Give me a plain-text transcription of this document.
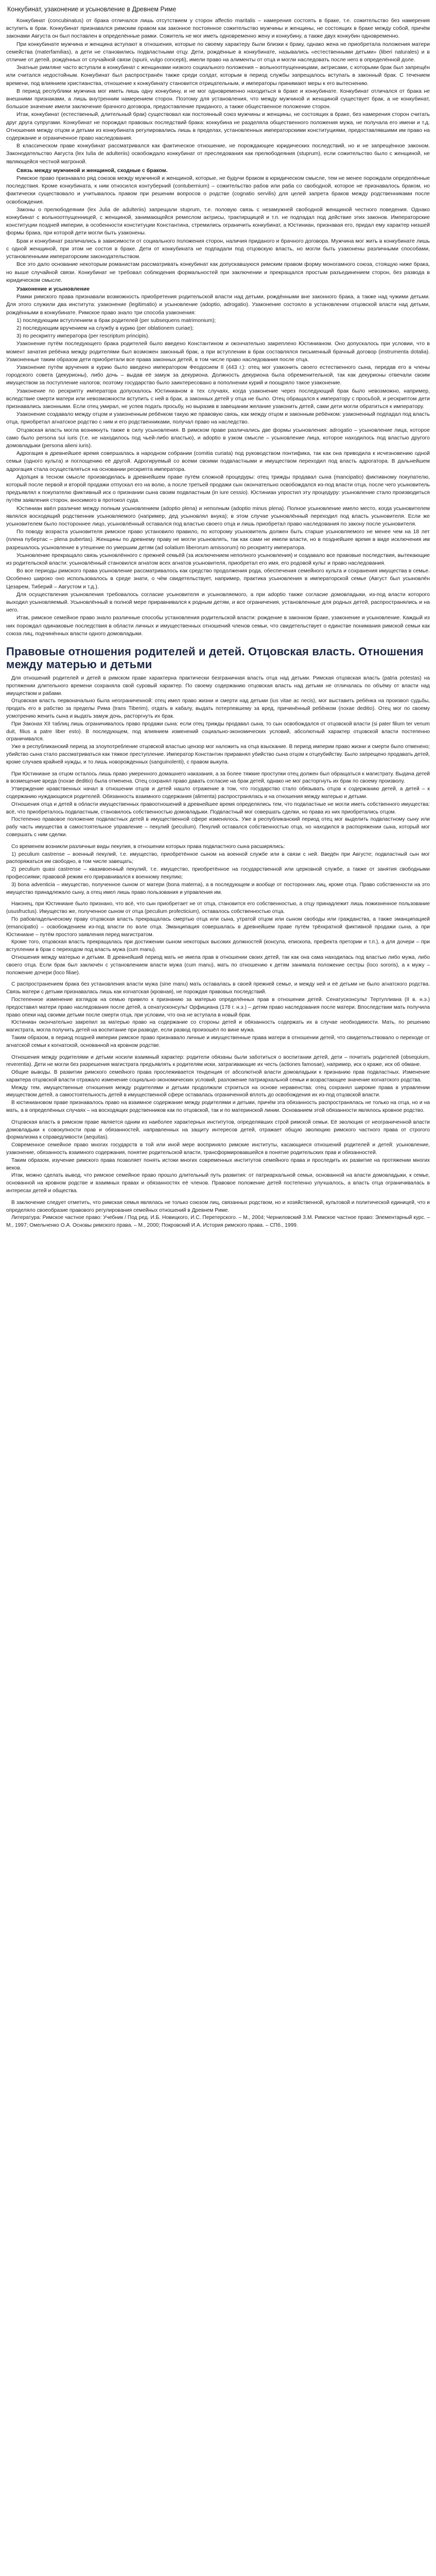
Конкубинат, узаконение и усыновление в Древнем Риме

Конкубинат (concubinatus) от брака отличался лишь отсутствием у сторон affectio maritalis – намерения состоять в браке, т.е. сожительство без намерения вступить в брак. Конкубинат признавался римским правом как законное постоянное сожительство мужчины и женщины, не состоящих в браке между собой, причём законами Августа он был поставлен в определённые рамки. Сожитель не мог иметь одновременно жену и конкубину, а также двух конкубин одновременно.

При конкубинате мужчина и женщина вступают в отношения, которые по своему характеру были близки к браку, однако жена не приобретала положения матери семейства (materfamilias), а дети не становились подвластными отцу. Дети, рождённые в конкубинате, назывались «естественными детьми» (liberi naturales) и в отличие от детей, рождённых от случайной связи (spurii, vulgo concepti), имели право на алименты от отца и могли наследовать после него в определённой доле.

Знатные римляне часто вступали в конкубинат с женщинами низкого социального положения – вольноотпущенницами, актрисами, с которыми брак был запрещён или считался недостойным. Конкубинат был распространён также среди солдат, которым в период службы запрещалось вступать в законный брак. С течением времени, под влиянием христианства, отношение к конкубинату становится отрицательным, и императоры принимают меры к его вытеснению.

В период республики мужчина мог иметь лишь одну конкубину, и не мог одновременно находиться в браке и конкубинате. Конкубинат отличался от брака не внешними признаками, а лишь внутренним намерением сторон. Поэтому для установления, что между мужчиной и женщиной существует брак, а не конкубинат, большое значение имели заключение брачного договора, предоставление приданого, а также общественное положение сторон.

Итак, конкубинат (естественный, длительный брак) существовал как постоянный союз мужчины и женщины, не состоящих в браке, без намерения сторон считать друг друга супругами. Конкубинат не порождал правовых последствий брака: конкубина не разделяла общественного положения мужа, не получала его имени и т.д. Отношения между отцом и детьми из конкубината регулировались лишь в пределах, установленных императорскими конституциями, предоставлявшими им право на содержание и ограниченное право наследования.

В классическом праве конкубинат рассматривался как фактическое отношение, не порождающее юридических последствий, но и не запрещённое законом. Законодательство Августа (lex Iulia de adulteriis) освобождало конкубинат от преследования как прелюбодеяния (stuprum), если сожительство было с женщиной, не являющейся честной матроной.

Связь между мужчиной и женщиной, сходные с браком.

Римское право признавало ряд союзов между мужчиной и женщиной, которые, не будучи браком в юридическом смысле, тем не менее порождали определённые последствия. Кроме конкубината, к ним относился контуберний (contubernium) – сожительство рабов или раба со свободной, которое не признавалось браком, но фактически существовало и учитывалось правом при решении вопросов о родстве (cognatio servilis) для целей запрета браков между родственниками после освобождения.

Законы о прелюбодеянии (lex Julia de adulteriis) запрещали stuprum, т.е. половую связь с незамужней свободной женщиной честного поведения. Однако конкубинат с вольноотпущенницей, с женщиной, занимающейся ремеслом актрисы, трактирщицей и т.п. не подпадал под действие этих законов. Императорские конституции поздней империи, в особенности конституции Константина, стремились ограничить конкубинат, а Юстиниан, признавая его, придал ему характер низшей формы брака, при которой дети могли быть узаконены.

Брак и конкубинат различались в зависимости от социального положения сторон, наличия приданого и брачного договора. Мужчина мог жить в конкубинате лишь с одной женщиной, при этом не состоя в браке. Дети от конкубинатa не подпадали под отцовскую власть, но могли быть узаконены различными способами, установленными императорским законодательством.

Все это дало основание некоторым романистам рассматривать конкубинат как допускавшуюся римским правом форму моногамного союза, стоящую ниже брака, но выше случайной связи. Конкубинат не требовал соблюдения формальностей при заключении и прекращался простым разъединением сторон, без развода в юридическом смысле.

Узаконение и усыновление

Рамки римского права признавали возможность приобретения родительской власти над детьми, рождёнными вне законного брака, а также над чужими детьми. Для этого служили два института: узаконение (legitimatio) и усыновление (adoptio, adrogatio). Узаконение состояло в установлении отцовской власти над детьми, рождёнными в конкубинате. Римское право знало три способа узаконения:

1) последующим вступлением в брак родителей (per subsequens matrimonium);

2) последующим вручением на службу в курию (per oblationem curiae);

3) по рескрипту императора (per rescriptum principis).

Узаконение путём последующего брака родителей было введено Константином и окончательно закреплено Юстинианом. Оно допускалось при условии, что в момент зачатия ребёнка между родителями был возможен законный брак, а при вступлении в брак составлялся письменный брачный договор (instrumenta dotalia). Узаконенные таким образом дети приобретали все права законных детей, в том числе право наследования после отца.

Узаконение путём вручения в курию было введено императором Феодосием II (443 г.): отец мог узаконить своего естественного сына, передав его в члены городского совета (декурионы), либо дочь – выдав её замуж за декуриона. Должность декуриона была обременительной, так как декурионы отвечали своим имуществом за поступление налогов; поэтому государство было заинтересовано в пополнении курий и поощряло такое узаконение.

Узаконение по рескрипту императора допускалось Юстинианом в тех случаях, когда узаконение через последующий брак было невозможно, например, вследствие смерти матери или невозможности вступить с ней в брак, а законных детей у отца не было. Отец обращался к императору с просьбой, и рескриптом дети признавались законными. Если отец умирал, не успев подать просьбу, но выразив в завещании желание узаконить детей, сами дети могли обратиться к императору.

Узаконение создавало между отцом и узаконенным ребёнком такую же правовую связь, как между отцом и законным ребёнком: узаконенный подпадал под власть отца, приобретал агнатское родство с ним и его родственниками, получал право на наследство.

Отцовская власть могла возникнуть также в силу усыновления. В римском праве различались две формы усыновления: adrogatio – усыновление лица, которое само было persona sui iuris (т.е. не находилось под чьей-либо властью), и adoptio в узком смысле – усыновление лица, которое находилось под властью другого домовладыки (persona alieni iuris).

Адрогация в древнейшее время совершалась в народном собрании (comitia curiata) под руководством понтифика, так как она приводила к исчезновению одной семьи (одного культа) и поглощению её другой. Адрогируемый со всеми своими подвластными и имуществом переходил под власть адрогатора. В дальнейшем адрогация стала осуществляться на основании рескрипта императора.

Адопция в тесном смысле производилась в древнейшем праве путём сложной процедуры: отец трижды продавал сына (mancipatio) фиктивному покупателю, который после первой и второй продажи отпускал его на волю, а после третьей продажи сын окончательно освобождался из-под власти отца, после чего усыновитель предъявлял к покупателю фиктивный иск о признании сына своим подвластным (in iure cessio). Юстиниан упростил эту процедуру: усыновление стало производиться путём заявления сторон, вносимого в протокол суда.

Юстиниан ввёл различие между полным усыновлением (adoptio plena) и неполным (adoptio minus plena). Полное усыновление имело место, когда усыновителем являлся восходящий родственник усыновляемого (например, дед усыновлял внука); в этом случае усыновлённый переходил под власть усыновителя. Если же усыновителем было постороннее лицо, усыновлённый оставался под властью своего отца и лишь приобретал право наследования по закону после усыновителя.

По поводу возраста усыновителя римское право установило правило, по которому усыновитель должен быть старше усыновляемого не менее чем на 18 лет (плена пубертас – plena pubertas). Женщины по древнему праву не могли усыновлять, так как сами не имели власти, но в позднейшее время в виде исключения им разрешалось усыновление в утешение по умершим детям (ad solatium liberorum amissorum) по рескрипту императора.

Усыновление прекращало связь усыновлённого с прежней семьёй (за исключением неполного усыновления) и создавало все правовые последствия, вытекающие из родительской власти: усыновлённый становился агнатом всех агнатов усыновителя, приобретал его имя, его родовой культ и право наследования.

Во все периоды римского права усыновление рассматривалось как средство продолжения рода, обеспечения семейного культа и сохранения имущества в семье. Особенно широко оно использовалось в среде знати, о чём свидетельствует, например, практика усыновления в императорской семье (Август был усыновлён Цезарем, Тиберий – Августом и т.д.).

Для осуществления усыновления требовалось согласие усыновителя и усыновляемого, а при adoptio также согласие домовладыки, из-под власти которого выходил усыновляемый. Усыновлённый в полной мере приравнивался к родным детям, и все ограничения, установленные для родных детей, распространялись и на него.

Итак, римское семейное право знало различные способы установления родительской власти: рождение в законном браке, узаконение и усыновление. Каждый из них порождал одинаковые последствия в области личных и имущественных отношений членов семьи, что свидетельствует о единстве понимания римской семьи как союза лиц, подчинённых власти одного домовладыки.

Правовые отношения родителей и детей. Отцовская власть. Отношения между матерью и детьми

Для отношений родителей и детей в римском праве характерна практически безграничная власть отца над детьми. Римская отцовская власть (patria potestas) на протяжении длительного времени сохраняла свой суровый характер. По своему содержанию отцовская власть над детьми не отличалась по объёму от власти над имуществом и рабами.

Отцовская власть первоначально была неограниченной: отец имел право жизни и смерти над детьми (ius vitae ac necis), мог выставить ребёнка на произвол судьбы, продать его в рабство за пределы Рима (trans Tiberim), отдать в кабалу, выдать потерпевшему за вред, причинённый ребёнком (noxae deditio). Отец мог по своему усмотрению женить сына и выдать замуж дочь, расторгнуть их брак.

При Законах XII таблиц лишь ограничивалось право продажи сына: если отец трижды продавал сына, то сын освобождался от отцовской власти (si pater filium ter venum duit, filius a patre liber esto). В последующем, под влиянием изменений социально-экономических условий, абсолютный характер отцовской власти постепенно ограничивался.

Уже в республиканский период за злоупотребление отцовской властью цензор мог наложить на отца взыскание. В период империи право жизни и смерти было отменено; убийство сына стало рассматриваться как тяжкое преступление. Император Константин приравнял убийство сына отцом к отцеубийству. Было запрещено продавать детей, кроме случаев крайней нужды, и то лишь новорожденных (sanguinolenti), с правом выкупа.

При Юстиниане за отцом осталось лишь право умеренного домашнего наказания, а за более тяжкие проступки отец должен был обращаться к магистрату. Выдача детей в возмещение вреда (noxae deditio) была отменена. Отец сохранял право давать согласие на брак детей, однако не мог расторгнуть их брак по своему произволу.

Утверждение нравственных начал в отношении отцов и детей нашло отражение в том, что государство стало обязывать отцов к содержанию детей, а детей – к содержанию нуждающихся родителей. Обязанность взаимного содержания (alimenta) распространялась и на отношения между матерью и детьми.

Отношения отца и детей в области имущественных правоотношений в древнейшее время определялись тем, что подвластные не могли иметь собственного имущества: всё, что приобреталось подвластным, становилось собственностью домовладыки. Подвластный мог совершать сделки, но права из них приобретались отцом.

Постепенно правовое положение подвластных детей в имущественной сфере изменялось. Уже в республиканский период отец мог выделить подвластному сыну или рабу часть имущества в самостоятельное управление – пекулий (peculium). Пекулий оставался собственностью отца, но находился в распоряжении сына, который мог совершать с ним сделки.

Со временем возникли различные виды пекулия, в отношении которых права подвластного сына расширялись:

1) peculium castrense – военный пекулий, т.е. имущество, приобретённое сыном на военной службе или в связи с ней. Введён при Августе; подвластный сын мог распоряжаться им свободно, в том числе завещать;

2) peculium quasi castrense – квазивоенный пекулий, т.е. имущество, приобретённое на государственной или церковной службе, а также от занятия свободными профессиями; правовой режим его приравнивался к военному пекулию;

3) bona adventicia – имущество, полученное сыном от матери (bona materna), а в последующем и вообще от посторонних лиц, кроме отца. Право собственности на это имущество принадлежало сыну, а отец имел лишь право пользования и управления им.

Наконец, при Юстиниане было признано, что всё, что сын приобретает не от отца, становится его собственностью, а отцу принадлежит лишь пожизненное пользование (ususfructus). Имущество же, полученное сыном от отца (peculium profecticium), оставалось собственностью отца.

По рабовладельческому праву отцовская власть прекращалась смертью отца или сына, утратой отцом или сыном свободы или гражданства, а также эманципацией (emancipatio) – освобождением из-под власти по воле отца. Эманципация совершалась в древнейшем праве путём трёхкратной фиктивной продажи сына, а при Юстиниане – путём простого заявления перед магистратом.

Кроме того, отцовская власть прекращалась при достижении сыном некоторых высоких должностей (консула, епископа, префекта претории и т.п.), а для дочери – при вступлении в брак с переходом под власть мужа (cum manu).

Отношения между матерью и детьми. В древнейший период мать не имела прав в отношении своих детей, так как она сама находилась под властью либо мужа, либо своего отца. Если брак был заключён с установлением власти мужа (cum manu), мать по отношению к детям занимала положение сестры (loco sororis), а к мужу – положение дочери (loco filiae).

С распространением брака без установления власти мужа (sine manu) мать оставалась в своей прежней семье, и между ней и её детьми не было агнатского родства. Связь матери с детьми признавалась лишь как когнатская (кровная), не порождая правовых последствий.

Постепенное изменение взглядов на семью привело к признанию за матерью определённых прав в отношении детей. Сенатусконсульт Тертуллиана (II в. н.э.) предоставил матери право наследования после детей, а сенатусконсульт Орфициана (178 г. н.э.) – детям право наследования после матери. Впоследствии мать получила право опеки над своими детьми после смерти отца, при условии, что она не вступала в новый брак.

Юстиниан окончательно закрепил за матерью право на содержание со стороны детей и обязанность содержать их в случае необходимости. Мать, по решению магистрата, могла получить детей на воспитание при разводе, если развод произошёл по вине мужа.

Таким образом, в период поздней империи римское право признавало личные и имущественные права матери в отношении детей, что свидетельствовало о переходе от агнатской семьи к когнатской, основанной на кровном родстве.

Отношения между родителями и детьми носили взаимный характер: родители обязаны были заботиться о воспитании детей, дети – почитать родителей (obsequium, reverentia). Дети не могли без разрешения магистрата предъявлять к родителям иски, затрагивающие их честь (actiones famosae), например, иск о краже, иск об обмане.

Общие выводы. В развитии римского семейного права прослеживается тенденция от абсолютной власти домовладыки к признанию прав подвластных. Изменение характера отцовской власти отражало изменение социально-экономических условий, разложение патриархальной семьи и возрастающее значение когнатского родства.

Между тем, имущественные отношения между родителями и детьми продолжали строиться на основе неравенства: отец сохранял широкие права в управлении имуществом детей, а самостоятельность детей в имущественной сфере оставалась ограниченной вплоть до освобождения их из-под отцовской власти.

В юстиниановом праве признавалось право на взаимное содержание между родителями и детьми, причём эта обязанность распространялась не только на отца, но и на мать, а в определённых случаях – на восходящих родственников как по отцовской, так и по материнской линии. Основанием этой обязанности являлось кровное родство.

Отцовская власть в римском праве является одним из наиболее характерных институтов, определявших строй римской семьи. Её эволюция от неограниченной власти домовладыки к совокупности прав и обязанностей, направленных на защиту интересов детей, отражает общую эволюцию римского частного права от строгого формализма к справедливости (aequitas).

Современное семейное право многих государств в той или иной мере восприняло римские институты, касающиеся отношений родителей и детей: усыновление, узаконение, обязанность взаимного содержания, понятие родительской власти, трансформировавшейся в понятие родительских прав и обязанностей.

Таким образом, изучение римского права позволяет понять истоки многих современных институтов семейного права и проследить их развитие на протяжении многих веков.

Итак, можно сделать вывод, что римское семейное право прошло длительный путь развития: от патриархальной семьи, основанной на власти домовладыки, к семье, основанной на кровном родстве и взаимных правах и обязанностях её членов. Правовое положение детей постепенно улучшалось, а власть отца ограничивалась в интересах детей и общества.

В заключение следует отметить, что римская семья являлась не только союзом лиц, связанных родством, но и хозяйственной, культовой и политической единицей, что и определяло своеобразие правового регулирования семейных отношений в Древнем Риме.

Литература: Римское частное право: Учебник / Под ред. И.Б. Новицкого, И.С. Перетерского. – М., 2004; Черниловский З.М. Римское частное право: Элементарный курс. – М., 1997; Омельченко О.А. Основы римского права. – М., 2000; Покровский И.А. История римского права. – СПб., 1999.
